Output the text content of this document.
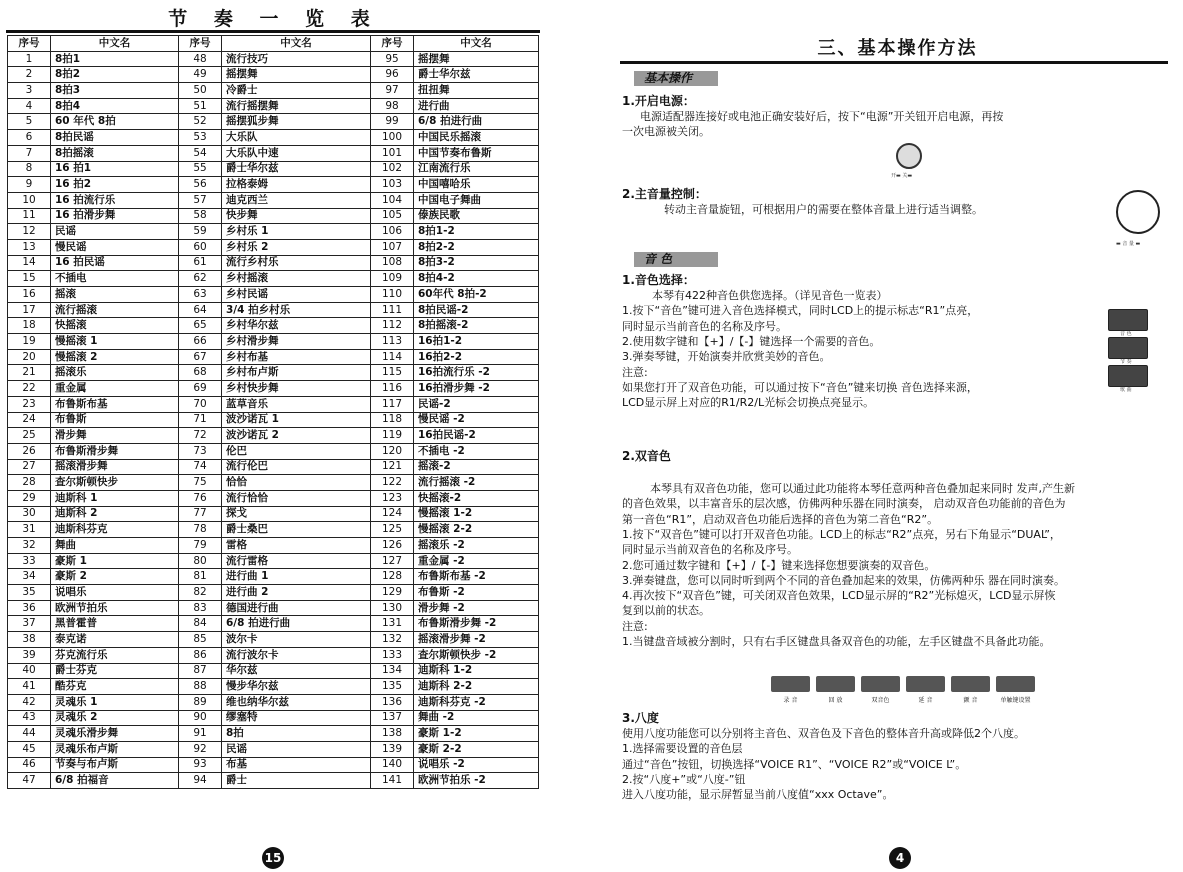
节 奏 一 览 表
序号	中文名	序号	中文名	序号	中文名
1	8拍1	48	流行技巧	95	摇摆舞
2	8拍2	49	摇摆舞	96	爵士华尔兹
3	8拍3	50	冷爵士	97	扭扭舞
4	8拍4	51	流行摇摆舞	98	进行曲
5	60 年代 8拍	52	摇摆狐步舞	99	6/8 拍进行曲
6	8拍民谣	53	大乐队	100	中国民乐摇滚
7	8拍摇滚	54	大乐队中速	101	中国节奏布鲁斯
8	16 拍1	55	爵士华尔兹	102	江南流行乐
9	16 拍2	56	拉格泰姆	103	中国嘻哈乐
10	16 拍流行乐	57	迪克西兰	104	中国电子舞曲
11	16 拍滑步舞	58	快步舞	105	傣族民歌
12	民谣	59	乡村乐 1	106	8拍1-2
13	慢民谣	60	乡村乐 2	107	8拍2-2
14	16 拍民谣	61	流行乡村乐	108	8拍3-2
15	不插电	62	乡村摇滚	109	8拍4-2
16	摇滚	63	乡村民谣	110	60年代 8拍-2
17	流行摇滚	64	3/4 拍乡村乐	111	8拍民谣-2
18	快摇滚	65	乡村华尔兹	112	8拍摇滚-2
19	慢摇滚 1	66	乡村滑步舞	113	16拍1-2
20	慢摇滚 2	67	乡村布基	114	16拍2-2
21	摇滚乐	68	乡村布卢斯	115	16拍流行乐 -2
22	重金属	69	乡村快步舞	116	16拍滑步舞 -2
23	布鲁斯布基	70	蓝草音乐	117	民谣-2
24	布鲁斯	71	波沙诺瓦 1	118	慢民谣 -2
25	滑步舞	72	波沙诺瓦 2	119	16拍民谣-2
26	布鲁斯滑步舞	73	伦巴	120	不插电 -2
27	摇滚滑步舞	74	流行伦巴	121	摇滚-2
28	查尔斯顿快步	75	恰恰	122	流行摇滚 -2
29	迪斯科 1	76	流行恰恰	123	快摇滚-2
30	迪斯科 2	77	探戈	124	慢摇滚 1-2
31	迪斯科芬克	78	爵士桑巴	125	慢摇滚 2-2
32	舞曲	79	雷格	126	摇滚乐 -2
33	豪斯 1	80	流行雷格	127	重金属 -2
34	豪斯 2	81	进行曲 1	128	布鲁斯布基 -2
35	说唱乐	82	进行曲 2	129	布鲁斯 -2
36	欧洲节拍乐	83	德国进行曲	130	滑步舞 -2
37	黑普霍普	84	6/8 拍进行曲	131	布鲁斯滑步舞 -2
38	泰克诺	85	波尔卡	132	摇滚滑步舞 -2
39	芬克流行乐	86	流行波尔卡	133	查尔斯顿快步 -2
40	爵士芬克	87	华尔兹	134	迪斯科 1-2
41	酷芬克	88	慢步华尔兹	135	迪斯科 2-2
42	灵魂乐 1	89	维也纳华尔兹	136	迪斯科芬克 -2
43	灵魂乐 2	90	缪塞特	137	舞曲 -2
44	灵魂乐滑步舞	91	8拍	138	豪斯 1-2
45	灵魂乐布卢斯	92	民谣	139	豪斯 2-2
46	节奏与布卢斯	93	布基	140	说唱乐 -2
47	6/8 拍福音	94	爵士	141	欧洲节拍乐 -2
15
三、基本操作方法
基本操作
1.开启电源：
电源适配器连接好或电池正确安装好后，按下“电源”开关钮开启电源，再按
一次电源被关闭。
开▬ 关▬
2.主音量控制：
转动主音量旋钮，可根据用户的需要在整体音量上进行适当调整。
▬ 音 量 ▬
音 色
1.音色选择：
本琴有422种音色供您选择。（详见音色一览表）
1.按下“音色”键可进入音色选择模式，同时LCD上的提示标志“R1”点亮，
同时显示当前音色的名称及序号。
2.使用数字键和【+】/【-】键选择一个需要的音色。
3.弹奏琴键，开始演奏并欣赏美妙的音色。
注意:
如果您打开了双音色功能，可以通过按下“音色”键来切换 音色选择来源，
LCD显示屏上对应的R1/R2/L光标会切换点亮显示。
音 色
节 奏
歌 曲
2.双音色
本琴具有双音色功能，您可以通过此功能将本琴任意两种音色叠加起来同时 发声,产生新
的音色效果，以丰富音乐的层次感，仿佛两种乐器在同时演奏， 启动双音色功能前的音色为
第一音色“R1”，启动双音色功能后选择的音色为第二音色“R2”。
1.按下“双音色”键可以打开双音色功能。LCD上的标志“R2”点亮，另右下角显示“DUAL”，
同时显示当前双音色的名称及序号。
2.您可通过数字键和【+】/【-】键来选择您想要演奏的双音色。
3.弹奏键盘，您可以同时听到两个不同的音色叠加起来的效果，仿佛两种乐 器在同时演奏。
4.再次按下“双音色”键，可关闭双音色效果，LCD显示屏的“R2”光标熄灭，LCD显示屏恢
复到以前的状态。
注意:
1.当键盘音域被分割时，只有右手区键盘具备双音色的功能，左手区键盘不具备此功能。
录 音	回 放	双音色	延 音	颤 音	单触键设置
3.八度
使用八度功能您可以分别将主音色、双音色及下音色的整体音升高或降低2个八度。
1.选择需要设置的音色层
通过“音色”按钮，切换选择“VOICE R1”、“VOICE R2”或“VOICE L”。
2.按“八度+”或“八度-”钮
进入八度功能，显示屏暂显当前八度值“xxx Octave”。
4
